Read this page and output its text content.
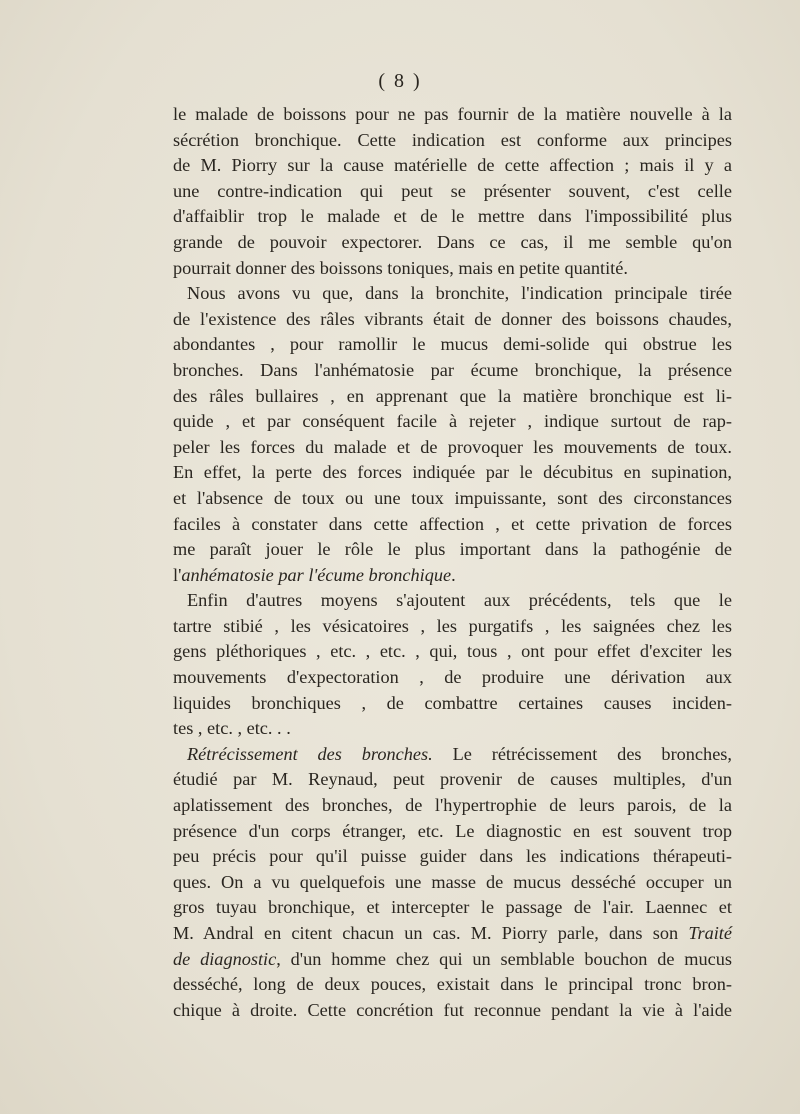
( 8 )
le malade de boissons pour ne pas fournir de la matière nouvelle à la
sécrétion bronchique. Cette indication est conforme aux principes
de M. Piorry sur la cause matérielle de cette affection ; mais il y a
une contre-indication qui peut se présenter souvent, c'est celle
d'affaiblir trop le malade et de le mettre dans l'impossibilité plus
grande de pouvoir expectorer. Dans ce cas, il me semble qu'on
pourrait donner des boissons toniques, mais en petite quantité.
Nous avons vu que, dans la bronchite, l'indication principale tirée
de l'existence des râles vibrants était de donner des boissons chaudes,
abondantes , pour ramollir le mucus demi-solide qui obstrue les
bronches. Dans l'anhématosie par écume bronchique, la présence
des râles bullaires , en apprenant que la matière bronchique est li-
quide , et par conséquent facile à rejeter , indique surtout de rap-
peler les forces du malade et de provoquer les mouvements de toux.
En effet, la perte des forces indiquée par le décubitus en supination,
et l'absence de toux ou une toux impuissante, sont des circonstances
faciles à constater dans cette affection , et cette privation de forces
me paraît jouer le rôle le plus important dans la pathogénie de
l'anhématosie par l'écume bronchique.
Enfin d'autres moyens s'ajoutent aux précédents, tels que le
tartre stibié , les vésicatoires , les purgatifs , les saignées chez les
gens pléthoriques , etc. , etc. , qui, tous , ont pour effet d'exciter les
mouvements d'expectoration , de produire une dérivation aux
liquides bronchiques , de combattre certaines causes inciden-
tes , etc. , etc. . .
Rétrécissement des bronches. Le rétrécissement des bronches,
étudié par M. Reynaud, peut provenir de causes multiples, d'un
aplatissement des bronches, de l'hypertrophie de leurs parois, de la
présence d'un corps étranger, etc. Le diagnostic en est souvent trop
peu précis pour qu'il puisse guider dans les indications thérapeuti-
ques. On a vu quelquefois une masse de mucus desséché occuper un
gros tuyau bronchique, et intercepter le passage de l'air. Laennec et
M. Andral en citent chacun un cas. M. Piorry parle, dans son Traité
de diagnostic, d'un homme chez qui un semblable bouchon de mucus
desséché, long de deux pouces, existait dans le principal tronc bron-
chique à droite. Cette concrétion fut reconnue pendant la vie à l'aide
